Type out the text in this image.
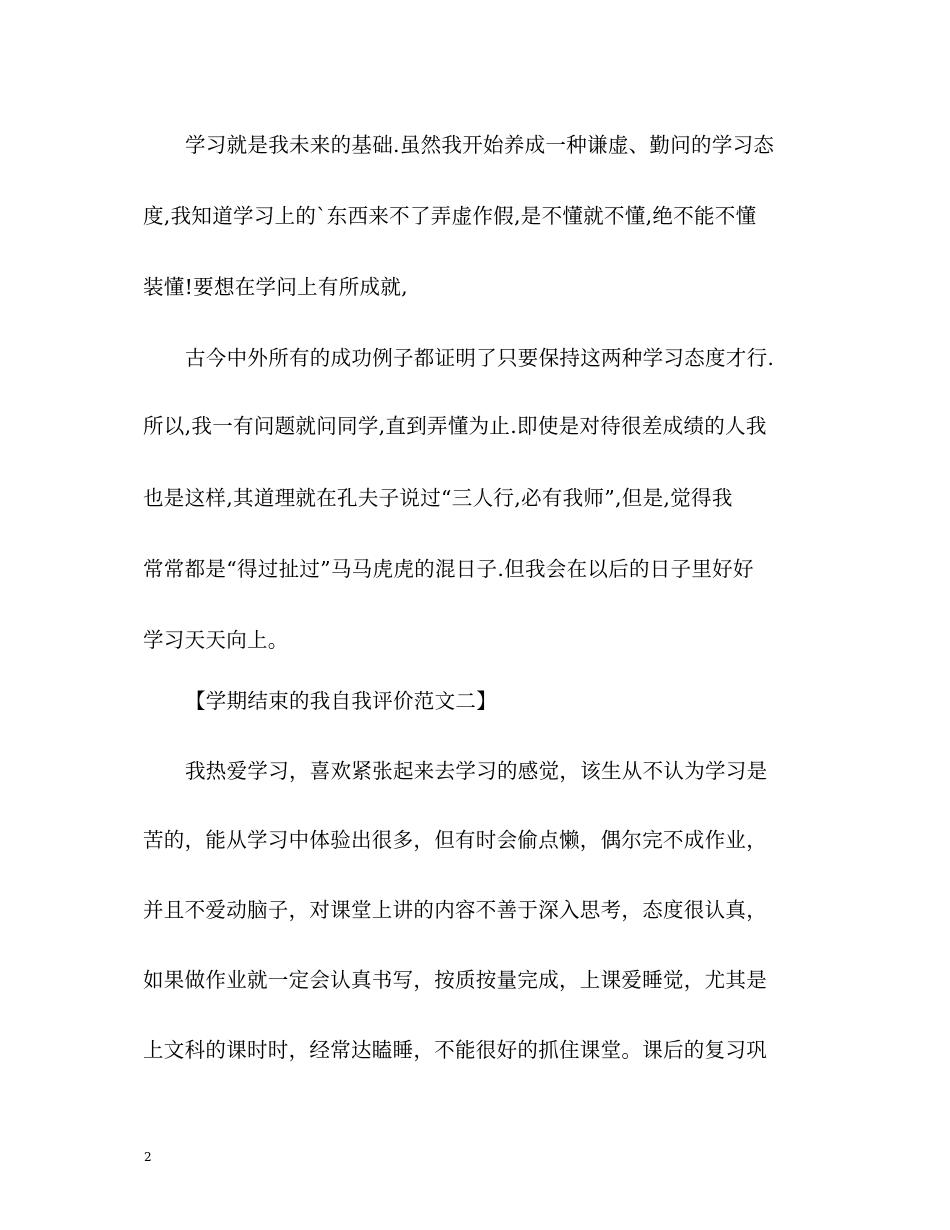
学习就是我未来的基础.虽然我开始养成一种谦虚、勤问的学习态
度,我知道学习上的`东西来不了弄虚作假,是不懂就不懂,绝不能不懂
装懂!要想在学问上有所成就,
古今中外所有的成功例子都证明了只要保持这两种学习态度才行.
所以,我一有问题就问同学,直到弄懂为止.即使是对待很差成绩的人我
也是这样,其道理就在孔夫子说过“三人行,必有我师”,但是,觉得我
常常都是“得过扯过”马马虎虎的混日子.但我会在以后的日子里好好
学习天天向上。
【学期结束的我自我评价范文二】
我热爱学习，喜欢紧张起来去学习的感觉，该生从不认为学习是
苦的，能从学习中体验出很多，但有时会偷点懒，偶尔完不成作业，
并且不爱动脑子，对课堂上讲的内容不善于深入思考，态度很认真，
如果做作业就一定会认真书写，按质按量完成，上课爱睡觉，尤其是
上文科的课时时，经常达瞌睡，不能很好的抓住课堂。课后的复习巩
2
